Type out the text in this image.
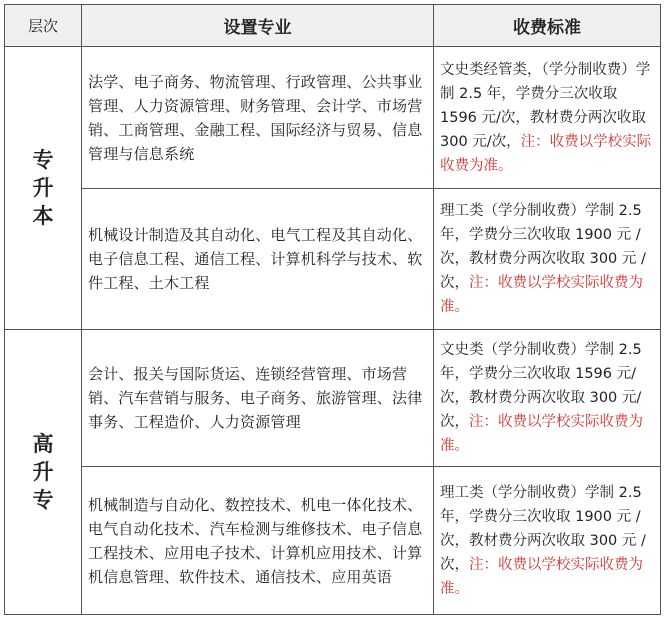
层次	设置专业	收费标准

专
升
本	法学、电子商务、物流管理、行政管理、公共事业管理、人力资源管理、财务管理、会计学、市场营销、工商管理、金融工程、国际经济与贸易、信息管理与信息系统	文史类经管类，（学分制收费）学制 2.5 年，学费分三次收取 1596 元/次，教材费分两次收取 300 元/次，注：收费以学校实际收费为准。
	机械设计制造及其自动化、电气工程及其自动化、电子信息工程、通信工程、计算机科学与技术、软件工程、土木工程	理工类（学分制收费）学制 2.5 年，学费分三次收取 1900 元 / 次，教材费分两次收取 300 元 / 次，注：收费以学校实际收费为准。

高
升
专	会计、报关与国际货运、连锁经营管理、市场营销、汽车营销与服务、电子商务、旅游管理、法律事务、工程造价、人力资源管理	文史类（学分制收费）学制 2.5 年，学费分三次收取 1596 元/次，教材费分两次收取 300 元/次，注：收费以学校实际收费为准。
	机械制造与自动化、数控技术、机电一体化技术、电气自动化技术、汽车检测与维修技术、电子信息工程技术、应用电子技术、计算机应用技术、计算机信息管理、软件技术、通信技术、应用英语	理工类（学分制收费）学制 2.5 年，学费分三次收取 1900 元 / 次，教材费分两次收取 300 元 / 次，注：收费以学校实际收费为准。
